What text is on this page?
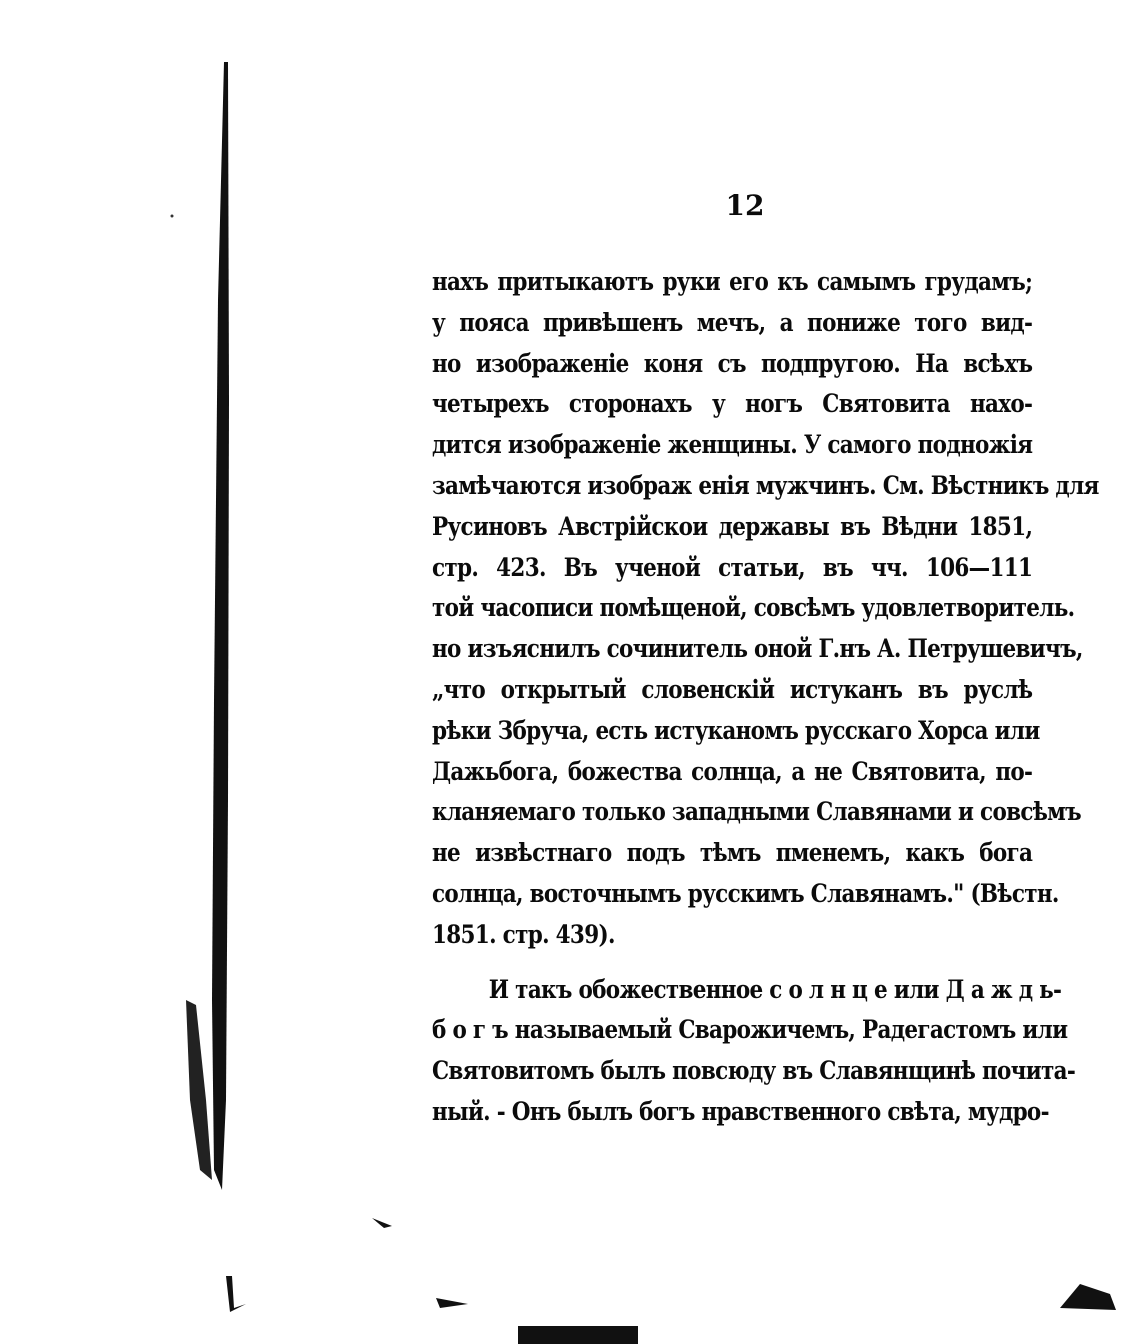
12
нахъ притыкаютъ руки его къ самымъ грудамъ;
у пояса привѣшенъ мечъ, а пониже того вид-
но изображеніе коня съ подпругою. На всѣхъ
четырехъ сторонахъ у ногъ Святовита нахо-
дится изображеніе женщины. У самого подножія
замѣчаются изображ енія мужчинъ. См. Вѣстникъ для
Русиновъ Австрійскои державы въ Вѣдни 1851,
стр. 423. Въ ученой статьи, въ чч. 106—111
той часописи помѣщеной, совсѣмъ удовлетворитель.
но изъяснилъ сочинитель оной Г.нъ А. Петрушевичъ,
„что открытый словенскій истуканъ въ руслѣ
рѣки Збруча, есть истуканомъ русскаго Хорса или
Дажьбога, божества солнца, а не Святовита, по-
кланяемаго только западными Славянами и совсѣмъ
не извѣстнаго подъ тѣмъ пменемъ, какъ бога
солнца, восточнымъ русскимъ Славянамъ." (Вѣстн.
1851. стр. 439).
И такъ обожественное с о л н ц е или Д а ж д ь-
б о г ъ называемый Сварожичемъ, Радегастомъ или
Святовитомъ былъ повсюду въ Славянщинѣ почита-
ный. - Онъ былъ богъ нравственного свѣта, мудро-
